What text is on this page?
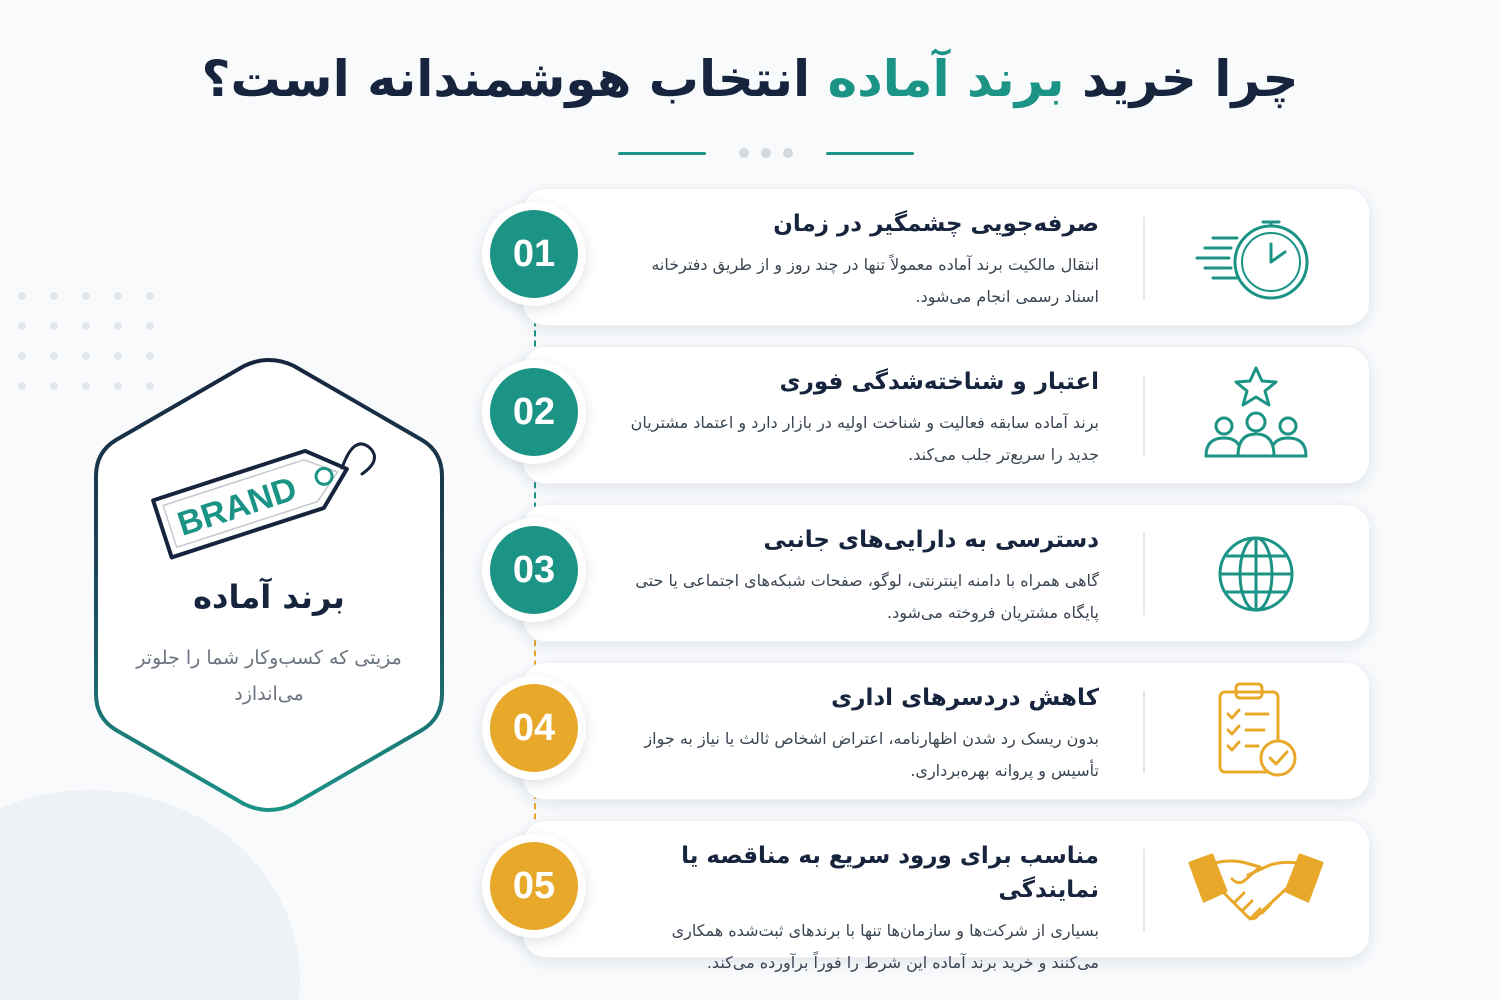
چرا خرید برند آماده انتخاب هوشمندانه است؟
BRAND
برند آماده
مزیتی که کسب‌وکار شما را جلوتر می‌اندازد
صرفه‌جویی چشمگیر در زمان

انتقال مالکیت برند آماده معمولاً تنها در چند روز و از طریق دفترخانه اسناد رسمی انجام می‌شود.

01
اعتبار و شناخته‌شدگی فوری

برند آماده سابقه فعالیت و شناخت اولیه در بازار دارد و اعتماد مشتریان جدید را سریع‌تر جلب می‌کند.

02
دسترسی به دارایی‌های جانبی

گاهی همراه با دامنه اینترنتی، لوگو، صفحات شبکه‌های اجتماعی یا حتی پایگاه مشتریان فروخته می‌شود.

03
کاهش دردسرهای اداری

بدون ریسک رد شدن اظهارنامه، اعتراض اشخاص ثالث یا نیاز به جواز تأسیس و پروانه بهره‌برداری.

04
مناسب برای ورود سریع به مناقصه یا نمایندگی

بسیاری از شرکت‌ها و سازمان‌ها تنها با برندهای ثبت‌شده همکاری می‌کنند و خرید برند آماده این شرط را فوراً برآورده می‌کند.

05
